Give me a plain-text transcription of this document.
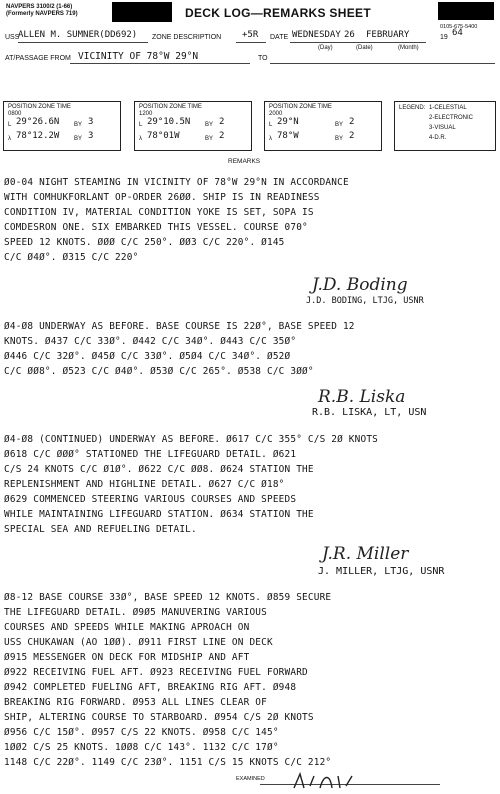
NAVPERS 3100/2 (1-66)
(Formerly NAVPERS 719)	DECK LOG—REMARKS SHEET
0105-675-5400
USS
ALLEN M. SUMNER(DD692) ZONE DESCRIPTION +5R DATE WEDNESDAY 26 FEBRUARY	19 64
(Day)	(Date)	(Month)
AT/PASSAGE FROM VICINITY OF 78°W 29°N	TO
POSITION ZONE TIME
0800
L 29°26.6N BY 3
λ 78°12.2W BY 3
POSITION ZONE TIME
1200
L 29°10.5N BY 2
λ 78°01W	BY 2
POSITION ZONE TIME
2000
L 29°N	BY 2
λ 78°W	BY 2
LEGEND: 1-CELESTIAL
2-ELECTRONIC
3-VISUAL
4-D.R.
REMARKS
Ø0-04 NIGHT STEAMING IN VICINITY OF 78°W 29°N IN ACCORDANCE
WITH COMHUKFORLANT OP-ORDER 26ØØ. SHIP IS IN READINESS
CONDITION IV, MATERIAL CONDITION YOKE IS SET, SOPA IS
COMDESRON ONE. SIX EMBARKED THIS VESSEL. COURSE 070°
SPEED 12 KNOTS. ØØØ C/C 250°. ØØ3 C/C 220°. Ø145
C/C Ø4Ø°. Ø315 C/C 220°
J.D. Boding
J.D. BODING, LTJG, USNR
Ø4-Ø8 UNDERWAY AS BEFORE. BASE COURSE IS 22Ø°, BASE SPEED 12
KNOTS. Ø437 C/C 33Ø°. Ø442 C/C 34Ø°. Ø443 C/C 35Ø°
Ø446 C/C 32Ø°. Ø45Ø C/C 33Ø°. Ø5Ø4 C/C 34Ø°. Ø52Ø
C/C ØØ8°. Ø523 C/C Ø4Ø°. Ø53Ø C/C 265°. Ø538 C/C 3ØØ°
R.B. Liska
R.B. LISKA, LT, USN
Ø4-Ø8 (CONTINUED) UNDERWAY AS BEFORE. Ø617 C/C 355° C/S 2Ø KNOTS
Ø618 C/C ØØØ° STATIONED THE LIFEGUARD DETAIL. Ø621
C/S 24 KNOTS C/C Ø1Ø°. Ø622 C/C ØØ8. Ø624 STATION THE
REPLENISHMENT AND HIGHLINE DETAIL. Ø627 C/C Ø18°
Ø629 COMMENCED STEERING VARIOUS COURSES AND SPEEDS
WHILE MAINTAINING LIFEGUARD STATION. Ø634 STATION THE
SPECIAL SEA AND REFUELING DETAIL.
J.R. Miller
J. MILLER, LTJG, USNR
Ø8-12 BASE COURSE 33Ø°, BASE SPEED 12 KNOTS. Ø859 SECURE
THE LIFEGUARD DETAIL. Ø9Ø5 MANUVERING VARIOUS
COURSES AND SPEEDS WHILE MAKING APROACH ON
USS CHUKAWAN (AO 1ØØ). Ø911 FIRST LINE ON DECK
Ø915 MESSENGER ON DECK FOR MIDSHIP AND AFT
Ø922 RECEIVING FUEL AFT. Ø923 RECEIVING FUEL FORWARD
Ø942 COMPLETED FUELING AFT, BREAKING RIG AFT. Ø948
BREAKING RIG FORWARD. Ø953 ALL LINES CLEAR OF
SHIP, ALTERING COURSE TO STARBOARD. Ø954 C/S 2Ø KNOTS
Ø956 C/C 15Ø°. Ø957 C/S 22 KNOTS. Ø958 C/C 145°
1ØØ2 C/S 25 KNOTS. 1ØØ8 C/C 143°. 1132 C/C 17Ø°
1148 C/C 22Ø°. 1149 C/C 23Ø°. 1151 C/S 15 KNOTS C/C 212°
EXAMINED
